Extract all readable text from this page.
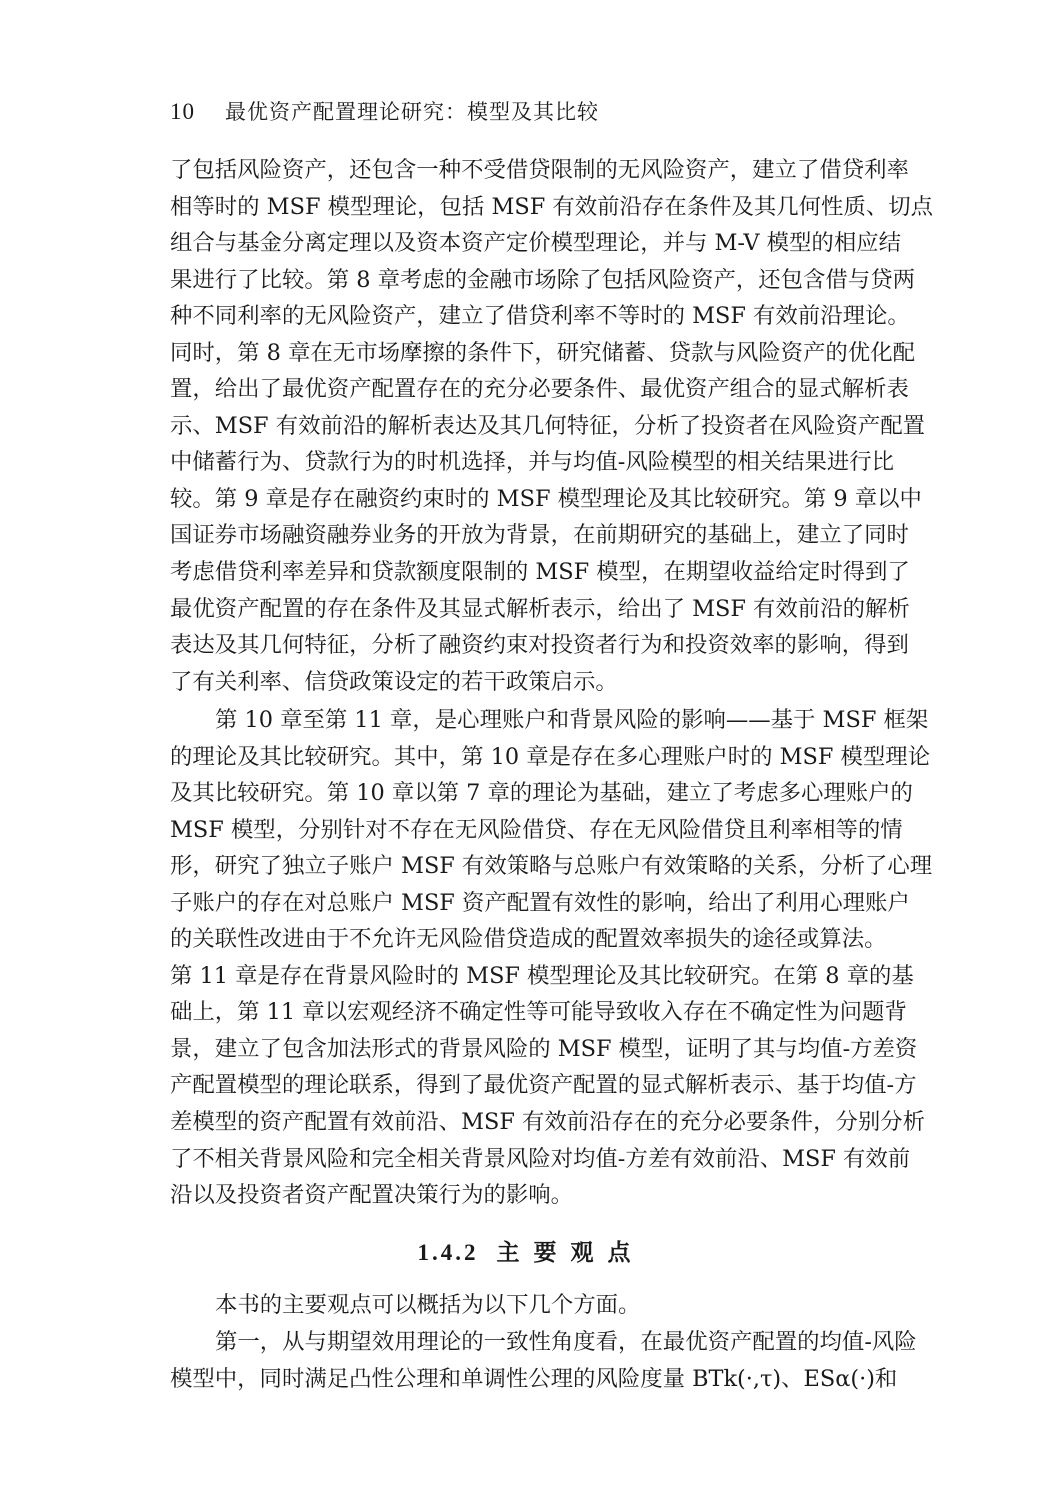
10 最优资产配置理论研究：模型及其比较
了包括风险资产，还包含一种不受借贷限制的无风险资产，建立了借贷利率
相等时的 MSF 模型理论，包括 MSF 有效前沿存在条件及其几何性质、切点
组合与基金分离定理以及资本资产定价模型理论，并与 M-V 模型的相应结
果进行了比较。第 8 章考虑的金融市场除了包括风险资产，还包含借与贷两
种不同利率的无风险资产，建立了借贷利率不等时的 MSF 有效前沿理论。
同时，第 8 章在无市场摩擦的条件下，研究储蓄、贷款与风险资产的优化配
置，给出了最优资产配置存在的充分必要条件、最优资产组合的显式解析表
示、MSF 有效前沿的解析表达及其几何特征，分析了投资者在风险资产配置
中储蓄行为、贷款行为的时机选择，并与均值-风险模型的相关结果进行比
较。第 9 章是存在融资约束时的 MSF 模型理论及其比较研究。第 9 章以中
国证券市场融资融券业务的开放为背景，在前期研究的基础上，建立了同时
考虑借贷利率差异和贷款额度限制的 MSF 模型，在期望收益给定时得到了
最优资产配置的存在条件及其显式解析表示，给出了 MSF 有效前沿的解析
表达及其几何特征，分析了融资约束对投资者行为和投资效率的影响，得到
了有关利率、信贷政策设定的若干政策启示。
第 10 章至第 11 章，是心理账户和背景风险的影响——基于 MSF 框架
的理论及其比较研究。其中，第 10 章是存在多心理账户时的 MSF 模型理论
及其比较研究。第 10 章以第 7 章的理论为基础，建立了考虑多心理账户的
MSF 模型，分别针对不存在无风险借贷、存在无风险借贷且利率相等的情
形，研究了独立子账户 MSF 有效策略与总账户有效策略的关系，分析了心理
子账户的存在对总账户 MSF 资产配置有效性的影响，给出了利用心理账户
的关联性改进由于不允许无风险借贷造成的配置效率损失的途径或算法。
第 11 章是存在背景风险时的 MSF 模型理论及其比较研究。在第 8 章的基
础上，第 11 章以宏观经济不确定性等可能导致收入存在不确定性为问题背
景，建立了包含加法形式的背景风险的 MSF 模型，证明了其与均值-方差资
产配置模型的理论联系，得到了最优资产配置的显式解析表示、基于均值-方
差模型的资产配置有效前沿、MSF 有效前沿存在的充分必要条件，分别分析
了不相关背景风险和完全相关背景风险对均值-方差有效前沿、MSF 有效前
沿以及投资者资产配置决策行为的影响。
1.4.2 主 要 观 点
本书的主要观点可以概括为以下几个方面。
第一，从与期望效用理论的一致性角度看，在最优资产配置的均值-风险
模型中，同时满足凸性公理和单调性公理的风险度量 BTk(·,τ)、ESα(·)和
